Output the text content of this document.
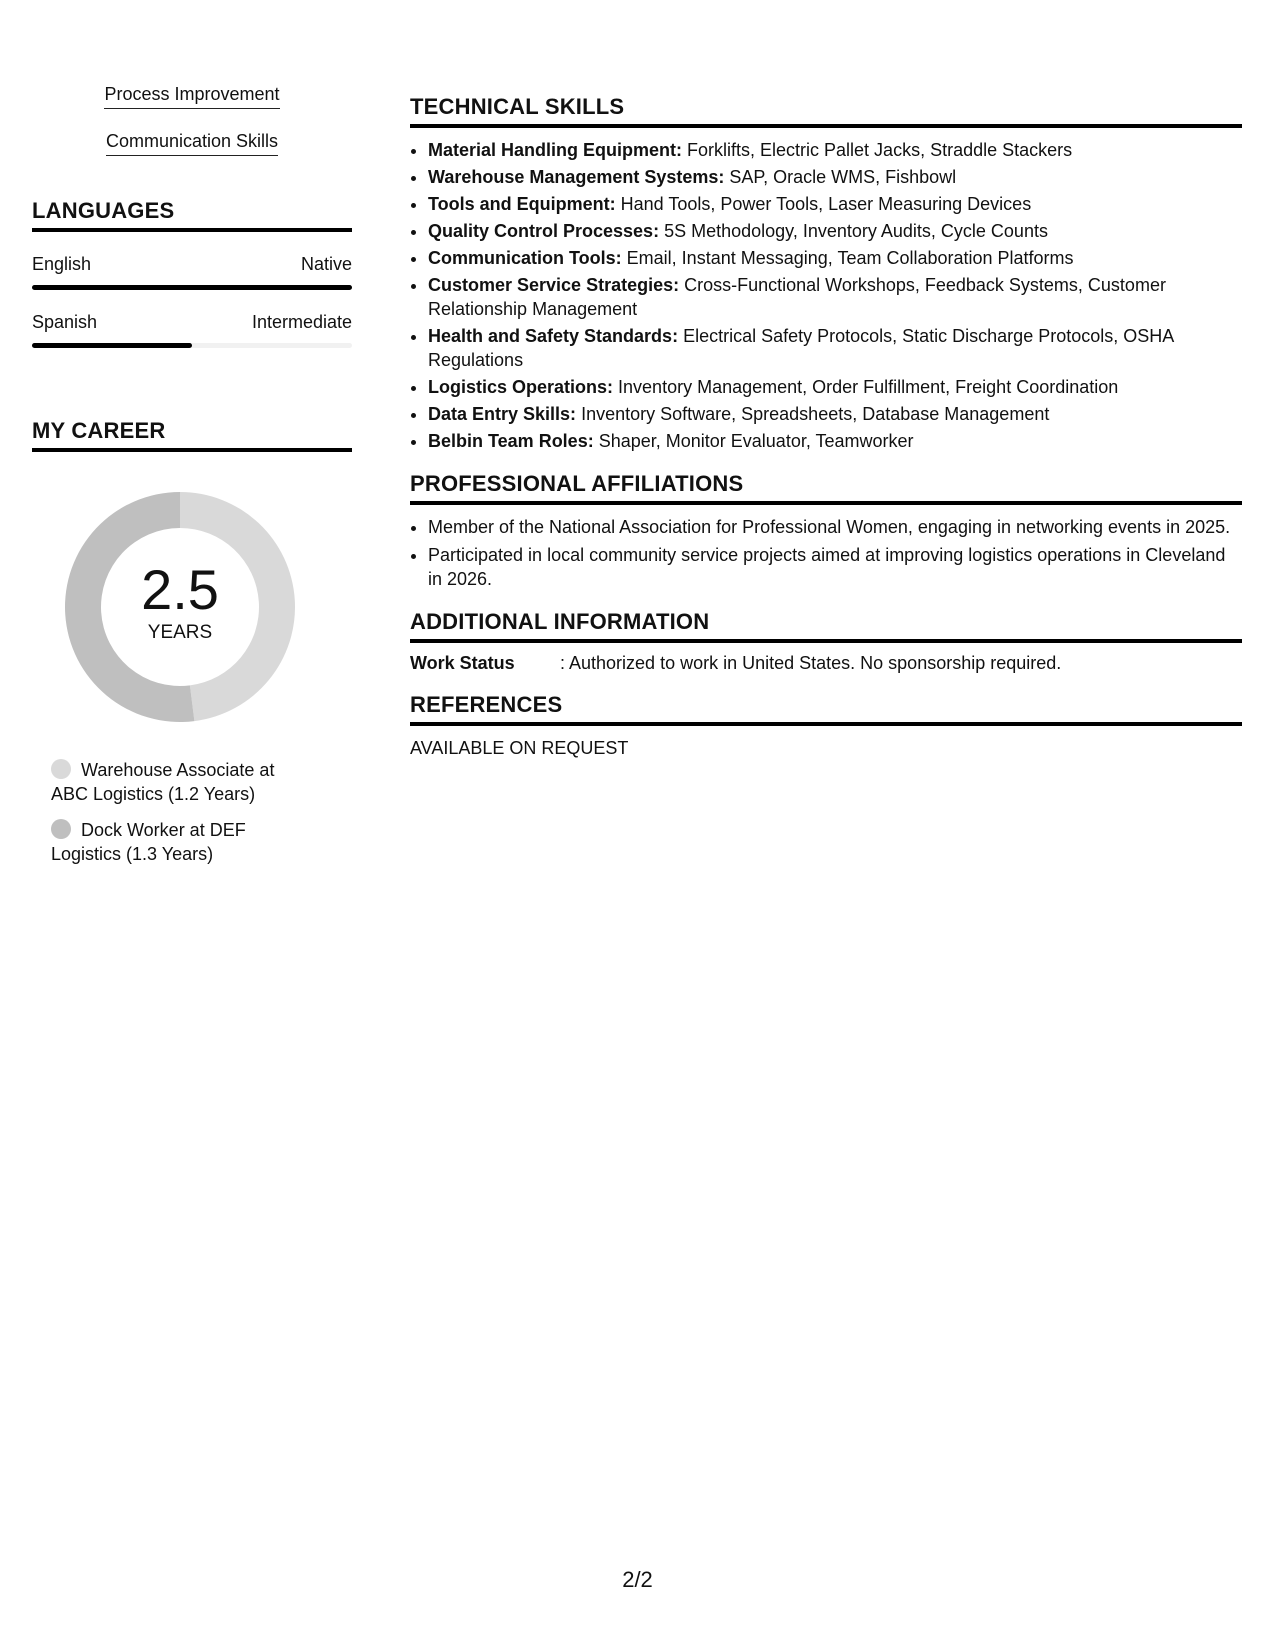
Process Improvement
Communication Skills
LANGUAGES
English	Native
Spanish	Intermediate
MY CAREER
2.5
YEARS
Warehouse Associate at ABC Logistics (1.2 Years)
Dock Worker at DEF Logistics (1.3 Years)
TECHNICAL SKILLS
• Material Handling Equipment: Forklifts, Electric Pallet Jacks, Straddle Stackers
• Warehouse Management Systems: SAP, Oracle WMS, Fishbowl
• Tools and Equipment: Hand Tools, Power Tools, Laser Measuring Devices
• Quality Control Processes: 5S Methodology, Inventory Audits, Cycle Counts
• Communication Tools: Email, Instant Messaging, Team Collaboration Platforms
• Customer Service Strategies: Cross-Functional Workshops, Feedback Systems, Customer Relationship Management
• Health and Safety Standards: Electrical Safety Protocols, Static Discharge Protocols, OSHA Regulations
• Logistics Operations: Inventory Management, Order Fulfillment, Freight Coordination
• Data Entry Skills: Inventory Software, Spreadsheets, Database Management
• Belbin Team Roles: Shaper, Monitor Evaluator, Teamworker
PROFESSIONAL AFFILIATIONS
• Member of the National Association for Professional Women, engaging in networking events in 2025.
• Participated in local community service projects aimed at improving logistics operations in Cleveland in 2026.
ADDITIONAL INFORMATION
Work Status	: Authorized to work in United States. No sponsorship required.
REFERENCES
AVAILABLE ON REQUEST
2/2
